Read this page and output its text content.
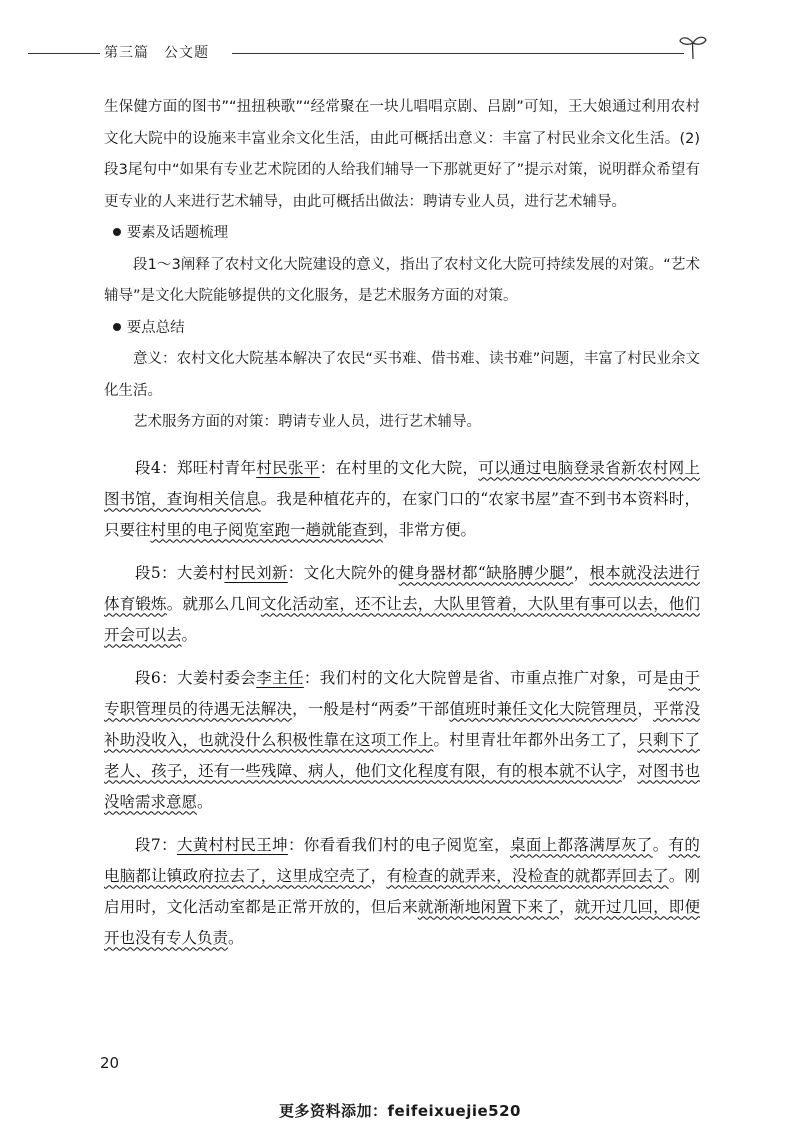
第三篇　公文题

生保健方面的图书”“扭扭秧歌”“经常聚在一块儿唱唱京剧、吕剧”可知，王大娘通过利用农村文化大院中的设施来丰富业余文化生活，由此可概括出意义：丰富了村民业余文化生活。(2)段3尾句中“如果有专业艺术院团的人给我们辅导一下那就更好了”提示对策，说明群众希望有更专业的人来进行艺术辅导，由此可概括出做法：聘请专业人员，进行艺术辅导。

要素及话题梳理

段1～3阐释了农村文化大院建设的意义，指出了农村文化大院可持续发展的对策。“艺术辅导”是文化大院能够提供的文化服务，是艺术服务方面的对策。

要点总结

意义：农村文化大院基本解决了农民“买书难、借书难、读书难”问题，丰富了村民业余文化生活。

艺术服务方面的对策：聘请专业人员，进行艺术辅导。

段4：郑旺村青年村民张平：在村里的文化大院，可以通过电脑登录省新农村网上图书馆，查询相关信息。我是种植花卉的，在家门口的“农家书屋”查不到书本资料时，只要往村里的电子阅览室跑一趟就能查到，非常方便。

段5：大姜村村民刘新：文化大院外的健身器材都“缺胳膊少腿”，根本就没法进行体育锻炼。就那么几间文化活动室，还不让去，大队里管着，大队里有事可以去，他们开会可以去。

段6：大姜村委会李主任：我们村的文化大院曾是省、市重点推广对象，可是由于专职管理员的待遇无法解决，一般是村“两委”干部值班时兼任文化大院管理员，平常没补助没收入，也就没什么积极性靠在这项工作上。村里青壮年都外出务工了，只剩下了老人、孩子，还有一些残障、病人，他们文化程度有限，有的根本就不认字，对图书也没啥需求意愿。

段7：大黄村村民王坤：你看看我们村的电子阅览室，桌面上都落满厚灰了。有的电脑都让镇政府拉去了，这里成空壳了，有检查的就弄来，没检查的就都弄回去了。刚启用时，文化活动室都是正常开放的，但后来就渐渐地闲置下来了，就开过几回，即便开也没有专人负责。

20
更多资料添加：feifeixuejie520
